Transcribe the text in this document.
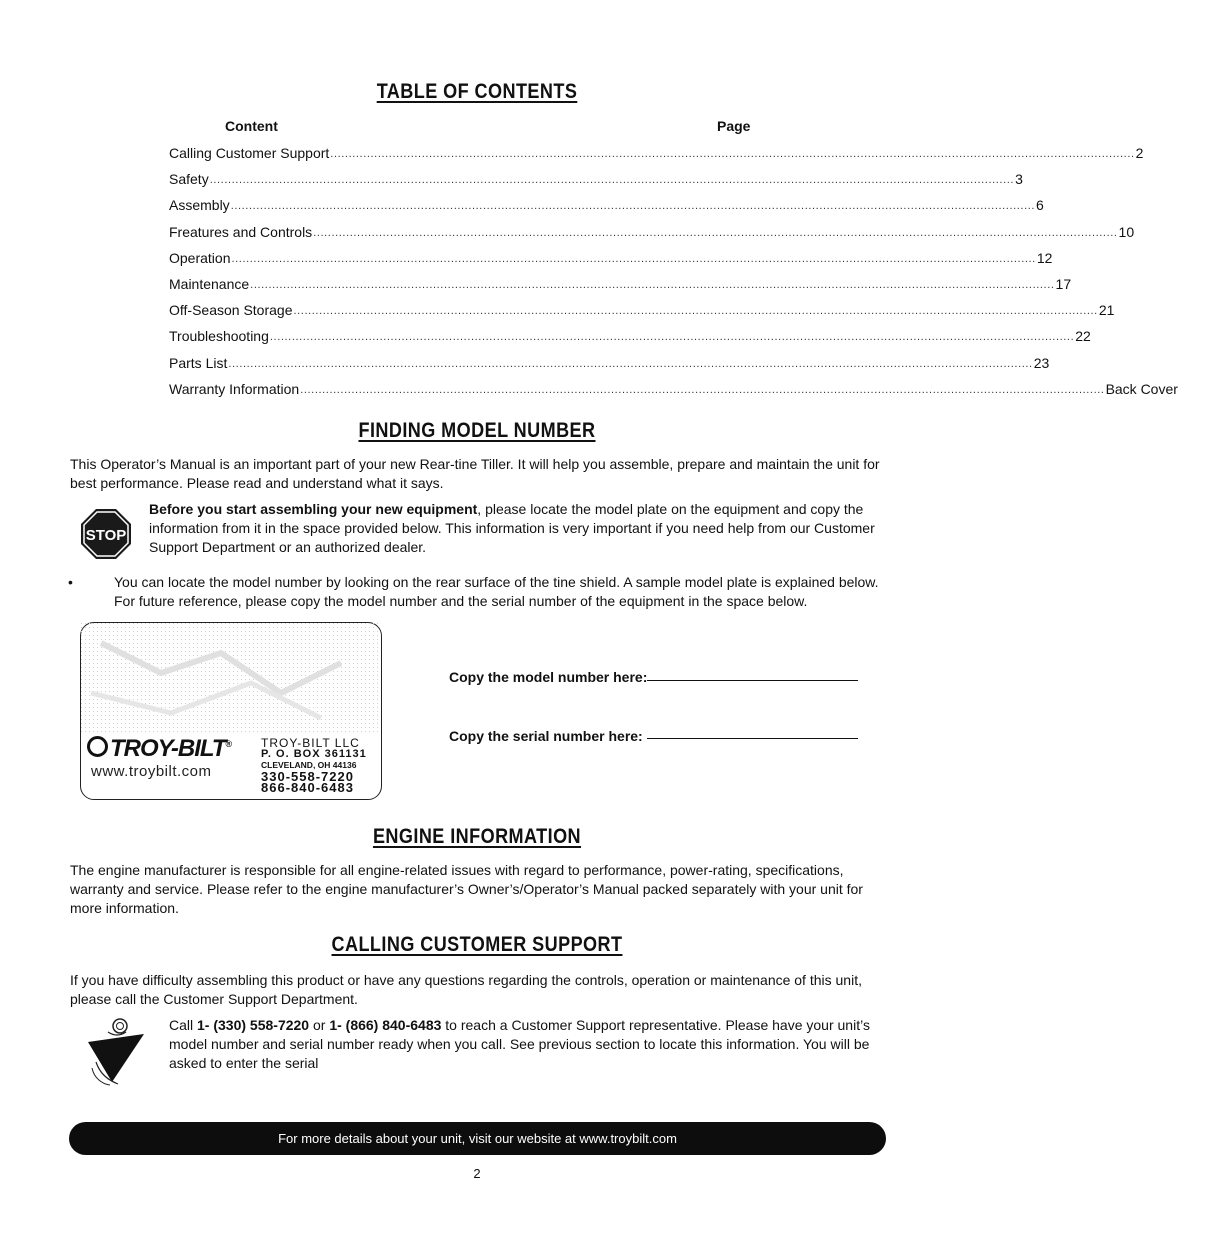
TABLE OF CONTENTS
Content	Page
Calling Customer Support ............................................................................................................................................................................................................................ 2
Safety ............................................................................................................................................................................................................................ 3
Assembly ............................................................................................................................................................................................................................ 6
Freatures and Controls ............................................................................................................................................................................................................................ 10
Operation ............................................................................................................................................................................................................................ 12
Maintenance ............................................................................................................................................................................................................................ 17
Off-Season Storage ............................................................................................................................................................................................................................ 21
Troubleshooting ............................................................................................................................................................................................................................ 22
Parts List ............................................................................................................................................................................................................................ 23
Warranty Information ............................................................................................................................................................................................................................ Back Cover
FINDING MODEL NUMBER
This Operator’s Manual is an important part of your new Rear-tine Tiller. It will help you assemble, prepare and maintain the unit for best performance. Please read and understand what it says.
STOP
Before you start assembling your new equipment, please locate the model plate on the equipment and copy the information from it in the space provided below. This information is very important if you need help from our Customer Support Department or an authorized dealer.
•	You can locate the model number by looking on the rear surface of the tine shield. A sample model plate is explained below. For future reference, please copy the model number and the serial number of the equipment in the space below.
TROY-BILT®
www.troybilt.com
TROY-BILT LLC
P. O. BOX 361131
CLEVELAND, OH 44136
330-558-7220
866-840-6483
Copy the model number here:
Copy the serial number here:
ENGINE INFORMATION
The engine manufacturer is responsible for all engine-related issues with regard to performance, power-rating, specifications, warranty and service. Please refer to the engine manufacturer’s Owner’s/Operator’s Manual packed separately with your unit for more information.
CALLING CUSTOMER SUPPORT
If you have difficulty assembling this product or have any questions regarding the controls, operation or maintenance of this unit, please call the Customer Support Department.
Call 1- (330) 558-7220 or 1- (866) 840-6483 to reach a Customer Support representative. Please have your unit’s model number and serial number ready when you call. See previous section to locate this information. You will be asked to enter the serial
For more details about your unit, visit our website at www.troybilt.com
2
